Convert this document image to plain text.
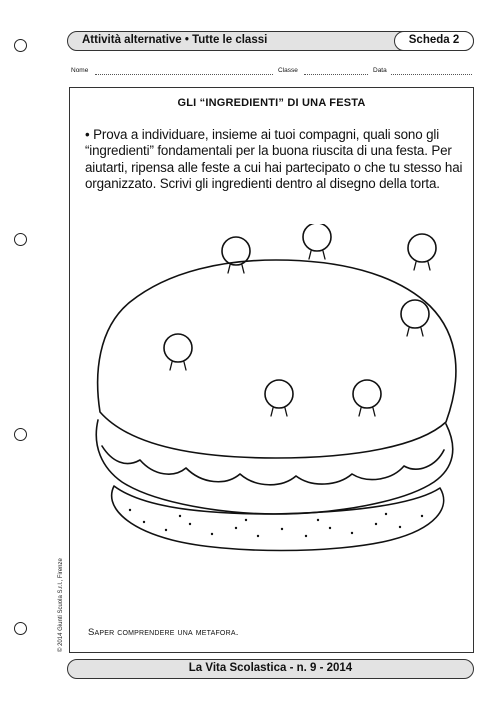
Attività alternative • Tutte le classi	Scheda 2
Nome	Classe	Data
GLI “INGREDIENTI” DI UNA FESTA
• Prova a individuare, insieme ai tuoi compagni, quali sono gli “ingredienti” fondamentali per la buona riuscita di una festa. Per aiutarti, ripensa alle feste a cui hai partecipato o che tu stesso hai organizzato. Scrivi gli ingredienti dentro al disegno della torta.
Saper comprendere una metafora.
© 2014 Giunti Scuola S.r.l., Firenze
La Vita Scolastica - n. 9 - 2014
